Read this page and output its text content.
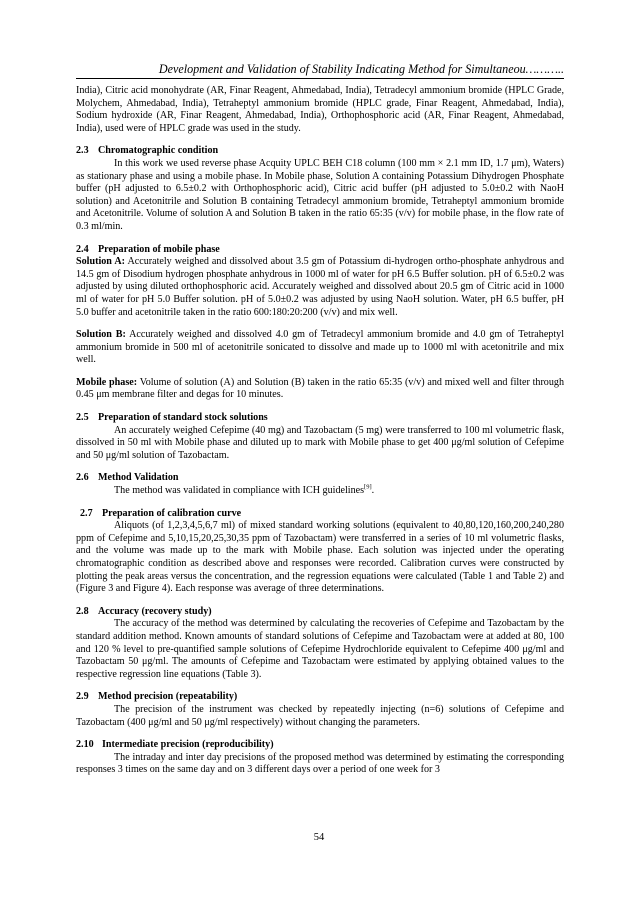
Development and Validation of Stability Indicating Method for Simultaneou………..

India), Citric acid monohydrate (AR, Finar Reagent, Ahmedabad, India), Tetradecyl ammonium bromide (HPLC Grade, Molychem, Ahmedabad, India), Tetraheptyl ammonium bromide (HPLC grade, Finar Reagent, Ahmedabad, India), Sodium hydroxide (AR, Finar Reagent, Ahmedabad, India), Orthophosphoric acid (AR, Finar Reagent, Ahmedabad, India), used were of HPLC grade was used in the study.

2.3 Chromatographic condition

In this work we used reverse phase Acquity UPLC BEH C18 column (100 mm × 2.1 mm ID, 1.7 μm), Waters) as stationary phase and using a mobile phase. In Mobile phase, Solution A containing Potassium Dihydrogen Phosphate buffer (pH adjusted to 6.5±0.2 with Orthophosphoric acid), Citric acid buffer (pH adjusted to 5.0±0.2 with NaoH solution) and Acetonitrile and Solution B containing Tetradecyl ammonium bromide, Tetraheptyl ammonium bromide and Acetonitrile. Volume of solution A and Solution B taken in the ratio 65:35 (v/v) for mobile phase, in the flow rate of 0.3 ml/min.

2.4 Preparation of mobile phase

Solution A: Accurately weighed and dissolved about 3.5 gm of Potassium di-hydrogen ortho-phosphate anhydrous and 14.5 gm of Disodium hydrogen phosphate anhydrous in 1000 ml of water for pH 6.5 Buffer solution. pH of 6.5±0.2 was adjusted by using diluted orthophosphoric acid. Accurately weighed and dissolved about 20.5 gm of Citric acid in 1000 ml of water for pH 5.0 Buffer solution. pH of 5.0±0.2 was adjusted by using NaoH solution. Water, pH 6.5 buffer, pH 5.0 buffer and acetonitrile taken in the ratio 600:180:20:200 (v/v) and mix well.

Solution B: Accurately weighed and dissolved 4.0 gm of Tetradecyl ammonium bromide and 4.0 gm of Tetraheptyl ammonium bromide in 500 ml of acetonitrile sonicated to dissolve and made up to 1000 ml with acetonitrile and mix well.

Mobile phase: Volume of solution (A) and Solution (B) taken in the ratio 65:35 (v/v) and mixed well and filter through 0.45 μm membrane filter and degas for 10 minutes.

2.5 Preparation of standard stock solutions

An accurately weighed Cefepime (40 mg) and Tazobactam (5 mg) were transferred to 100 ml volumetric flask, dissolved in 50 ml with Mobile phase and diluted up to mark with Mobile phase to get 400 μg/ml solution of Cefepime and 50 μg/ml solution of Tazobactam.

2.6 Method Validation

The method was validated in compliance with ICH guidelines[9].

2.7 Preparation of calibration curve

Aliquots (of 1,2,3,4,5,6,7 ml) of mixed standard working solutions (equivalent to 40,80,120,160,200,240,280 ppm of Cefepime and 5,10,15,20,25,30,35 ppm of Tazobactam) were transferred in a series of 10 ml volumetric flasks, and the volume was made up to the mark with Mobile phase. Each solution was injected under the operating chromatographic condition as described above and responses were recorded. Calibration curves were constructed by plotting the peak areas versus the concentration, and the regression equations were calculated (Table 1 and Table 2) and (Figure 3 and Figure 4). Each response was average of three determinations.

2.8 Accuracy (recovery study)

The accuracy of the method was determined by calculating the recoveries of Cefepime and Tazobactam by the standard addition method. Known amounts of standard solutions of Cefepime and Tazobactam were at added at 80, 100 and 120 % level to pre-quantified sample solutions of Cefepime Hydrochloride equivalent to Cefepime 400 μg/ml and Tazobactam 50 μg/ml. The amounts of Cefepime and Tazobactam were estimated by applying obtained values to the respective regression line equations (Table 3).

2.9 Method precision (repeatability)

The precision of the instrument was checked by repeatedly injecting (n=6) solutions of Cefepime and Tazobactam (400 μg/ml and 50 μg/ml respectively) without changing the parameters.

2.10 Intermediate precision (reproducibility)

The intraday and inter day precisions of the proposed method was determined by estimating the corresponding responses 3 times on the same day and on 3 different days over a period of one week for 3

54
